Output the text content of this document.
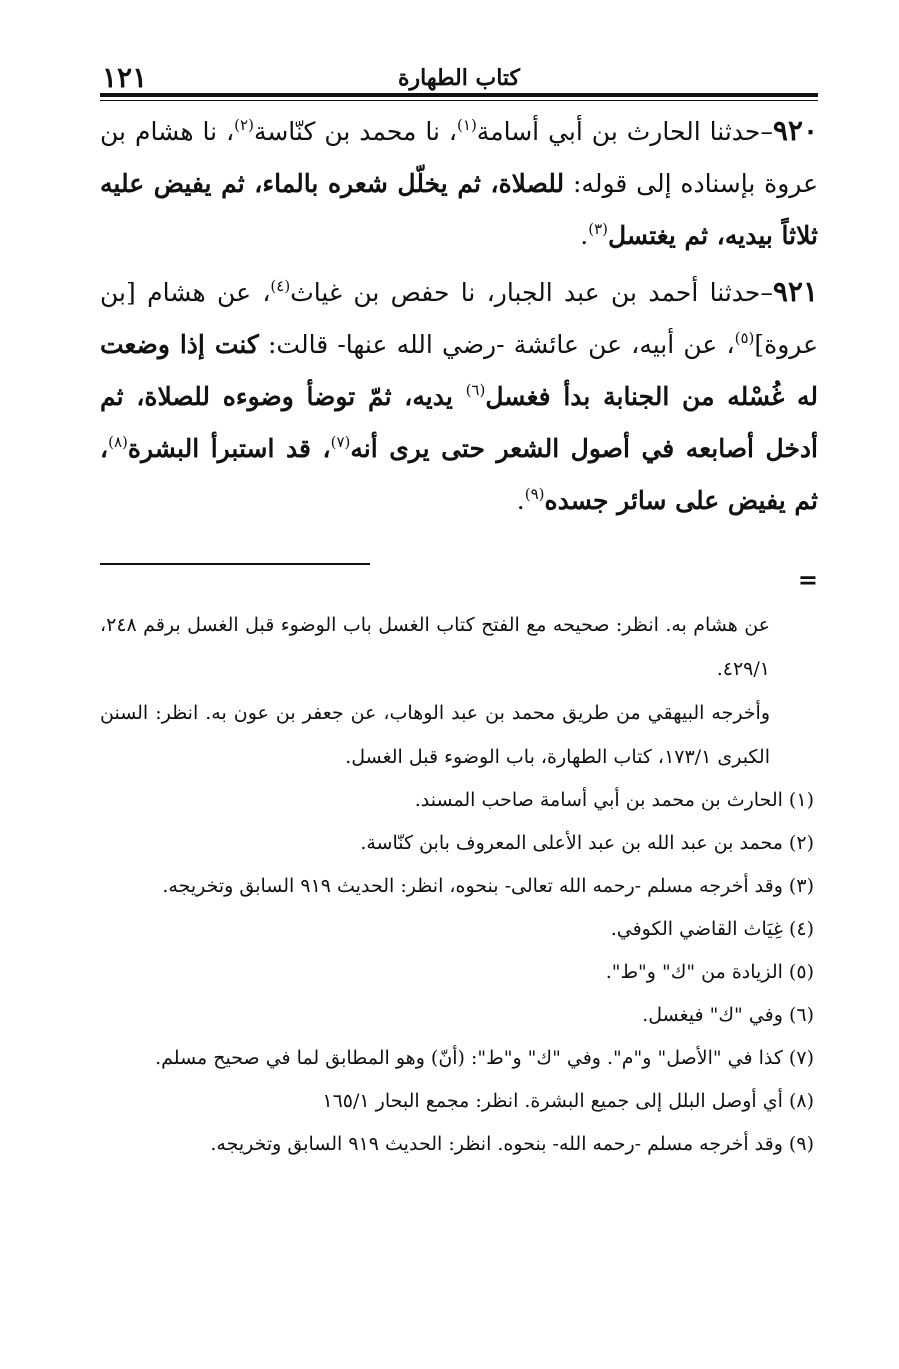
١٢١	كتاب الطهارة

٩٢٠–حدثنا الحارث بن أبي أسامة$^{(١)}$، نا محمد بن كنّاسة$^{(٢)}$، نا هشام بن عروة بإسناده إلى قوله: للصلاة، ثم يخلّل شعره بالماء، ثم يفيض عليه ثلاثاً بيديه، ثم يغتسل$^{(٣)}$.

٩٢١–حدثنا أحمد بن عبد الجبار، نا حفص بن غياث$^{(٤)}$، عن هشام [بن عروة]$^{(٥)}$، عن أبيه، عن عائشة -رضي الله عنها- قالت: كنت إذا وضعت له غُسْله من الجنابة بدأ فغسل$^{(٦)}$ يديه، ثمّ توضأ وضوءه للصلاة، ثم أدخل أصابعه في أصول الشعر حتى يرى أنه$^{(٧)}$، قد استبرأ البشرة$^{(٨)}$، ثم يفيض على سائر جسده$^{(٩)}$.

=

عن هشام به. انظر: صحيحه مع الفتح كتاب الغسل باب الوضوء قبل الغسل برقم ٢٤٨، ٤٢٩/١.

وأخرجه البيهقي من طريق محمد بن عبد الوهاب، عن جعفر بن عون به. انظر: السنن الكبرى ١٧٣/١، كتاب الطهارة، باب الوضوء قبل الغسل.

(١) الحارث بن محمد بن أبي أسامة صاحب المسند.

(٢) محمد بن عبد الله بن عبد الأعلى المعروف بابن كنّاسة.

(٣) وقد أخرجه مسلم -رحمه الله تعالى- بنحوه، انظر: الحديث ٩١٩ السابق وتخريجه.

(٤) غِيَاث القاضي الكوفي.

(٥) الزيادة من "ك" و"ط".

(٦) وفي "ك" فيغسل.

(٧) كذا في "الأصل" و"م". وفي "ك" و"ط": (أنّ) وهو المطابق لما في صحيح مسلم.

(٨) أي أوصل البلل إلى جميع البشرة. انظر: مجمع البحار ١٦٥/١

(٩) وقد أخرجه مسلم -رحمه الله- بنحوه. انظر: الحديث ٩١٩ السابق وتخريجه.
